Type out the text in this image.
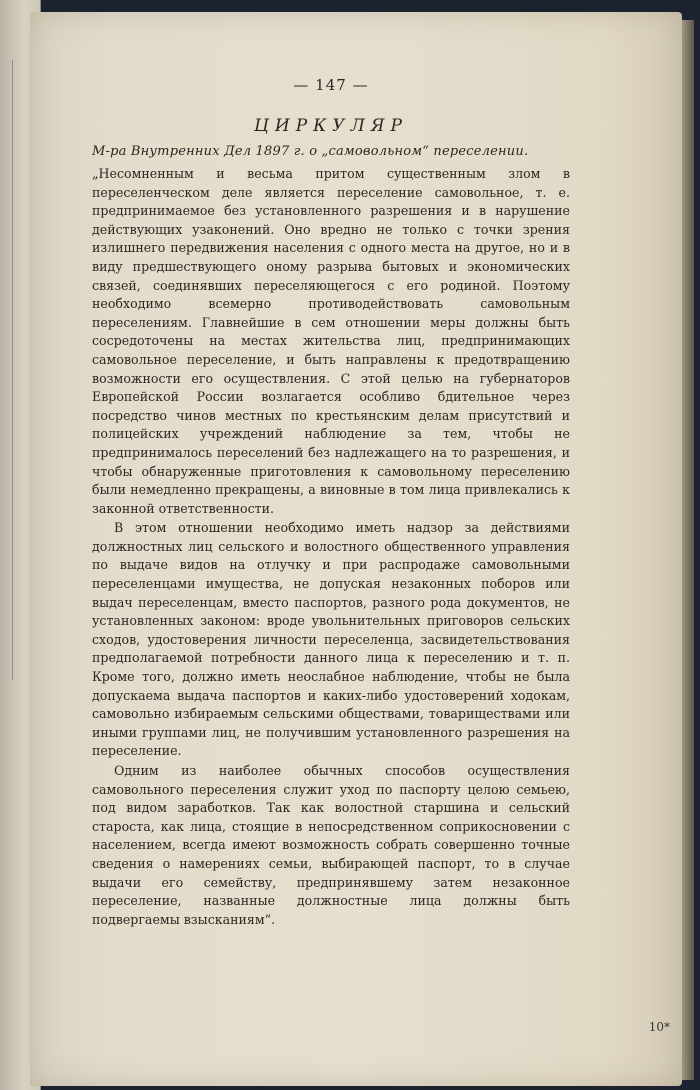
— 147 —
ЦИРКУЛЯР
М-ра Внутренних Дел 1897 г. о „самовольном“ переселении.

„Несомненным и весьма притом существенным злом в переселенческом деле является переселение самовольное, т. е. предпринимаемое без установленного разрешения и в нарушение действующих узаконений. Оно вредно не только с точки зрения излишнего передвижения населения с одного места на другое, но и в виду предшествующего оному разрыва бытовых и экономических связей, соединявших переселяющегося с его родиной. Поэтому необходимо всемерно противодействовать самовольным переселениям. Главнейшие в сем отношении меры должны быть сосредоточены на местах жительства лиц, предпринимающих самовольное переселение, и быть направлены к предотвращению возможности его осуществления. С этой целью на губернаторов Европейской России возлагается особливо бдительное через посредство чинов местных по крестьянским делам присутствий и полицейских учреждений наблюдение за тем, чтобы не предпринималось переселений без надлежащего на то разрешения, и чтобы обнаруженные приготовления к самовольному переселению были немедленно прекращены, а виновные в том лица привлекались к законной ответственности.

В этом отношении необходимо иметь надзор за действиями должностных лиц сельского и волостного общественного управления по выдаче видов на отлучку и при распродаже самовольными переселенцами имущества, не допуская незаконных поборов или выдач переселенцам, вместо паспортов, разного рода документов, не установленных законом: вроде увольнительных приговоров сельских сходов, удостоверения личности переселенца, засвидетельствования предполагаемой потребности данного лица к переселению и т. п. Кроме того, должно иметь неослабное наблюдение, чтобы не была допускаема выдача паспортов и каких-либо удостоверений ходокам, самовольно избираемым сельскими обществами, товариществами или иными группами лиц, не получившим установленного разрешения на переселение.

Одним из наиболее обычных способов осуществления самовольного переселения служит уход по паспорту целою семьею, под видом заработков. Так как волостной старшина и сельский староста, как лица, стоящие в непосредственном соприкосновении с населением, всегда имеют возможность собрать совершенно точные сведения о намерениях семьи, выбирающей паспорт, то в случае выдачи его семейству, предпринявшему затем незаконное переселение, названные должностные лица должны быть подвергаемы взысканиям“.

10*
